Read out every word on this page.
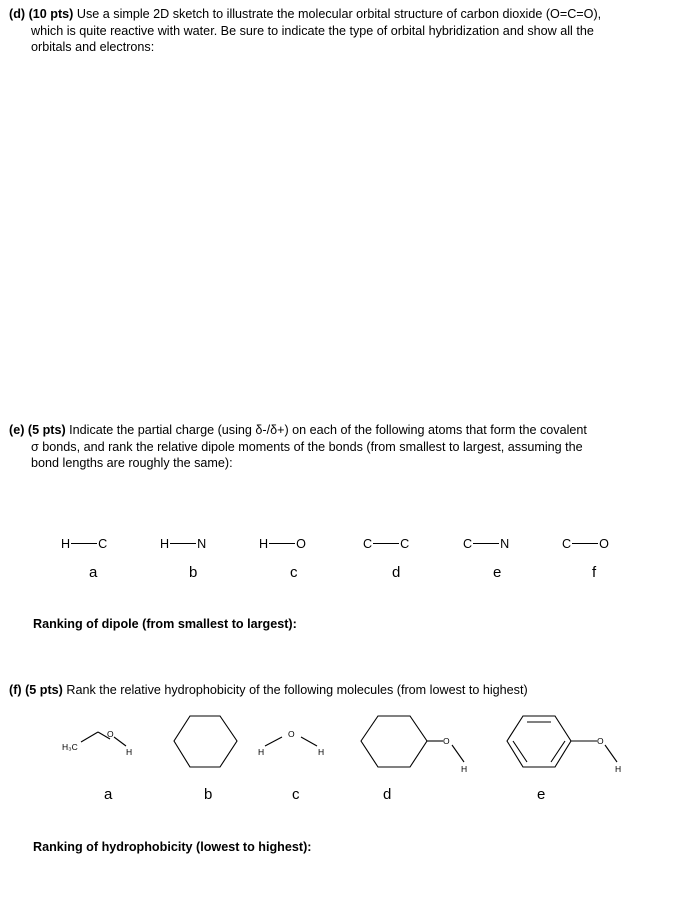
(d) (10 pts) Use a simple 2D sketch to illustrate the molecular orbital structure of carbon dioxide (O=C=O),
which is quite reactive with water. Be sure to indicate the type of orbital hybridization and show all the
orbitals and electrons:
(e) (5 pts) Indicate the partial charge (using δ-/δ+) on each of the following atoms that form the covalent
σ bonds, and rank the relative dipole moments of the bonds (from smallest to largest, assuming the
bond lengths are roughly the same):
H C
a
H N
b
H O
c
C C
d
C N
e
C O
f
Ranking of dipole (from smallest to largest):
(f) (5 pts) Rank the relative hydrophobicity of the following molecules (from lowest to highest)
H₃C
O
H	H
O
H
O
H
O
H
a	b	c	d	e
Ranking of hydrophobicity (lowest to highest):
